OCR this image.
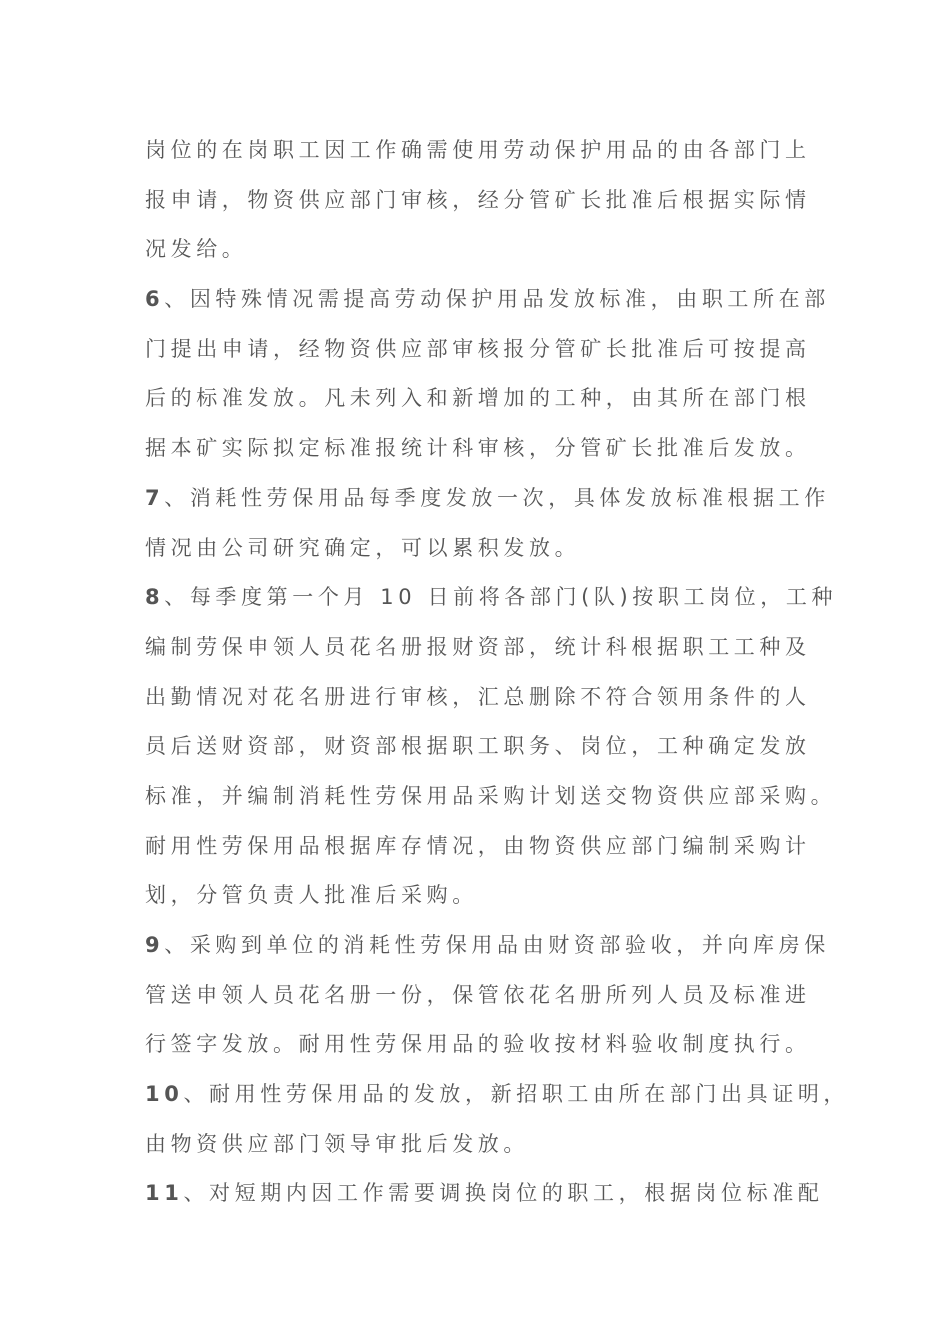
岗位的在岗职工因工作确需使用劳动保护用品的由各部门上
报申请，物资供应部门审核，经分管矿长批准后根据实际情
况发给。

6、因特殊情况需提高劳动保护用品发放标准，由职工所在部
门提出申请，经物资供应部审核报分管矿长批准后可按提高
后的标准发放。凡未列入和新增加的工种，由其所在部门根
据本矿实际拟定标准报统计科审核，分管矿长批准后发放。

7、消耗性劳保用品每季度发放一次，具体发放标准根据工作
情况由公司研究确定，可以累积发放。

8、每季度第一个月 10 日前将各部门(队)按职工岗位，工种
编制劳保申领人员花名册报财资部，统计科根据职工工种及
出勤情况对花名册进行审核，汇总删除不符合领用条件的人
员后送财资部，财资部根据职工职务、岗位，工种确定发放
标准，并编制消耗性劳保用品采购计划送交物资供应部采购。
耐用性劳保用品根据库存情况，由物资供应部门编制采购计
划，分管负责人批准后采购。

9、采购到单位的消耗性劳保用品由财资部验收，并向库房保
管送申领人员花名册一份，保管依花名册所列人员及标准进
行签字发放。耐用性劳保用品的验收按材料验收制度执行。

10、耐用性劳保用品的发放，新招职工由所在部门出具证明，
由物资供应部门领导审批后发放。

11、对短期内因工作需要调换岗位的职工，根据岗位标准配
